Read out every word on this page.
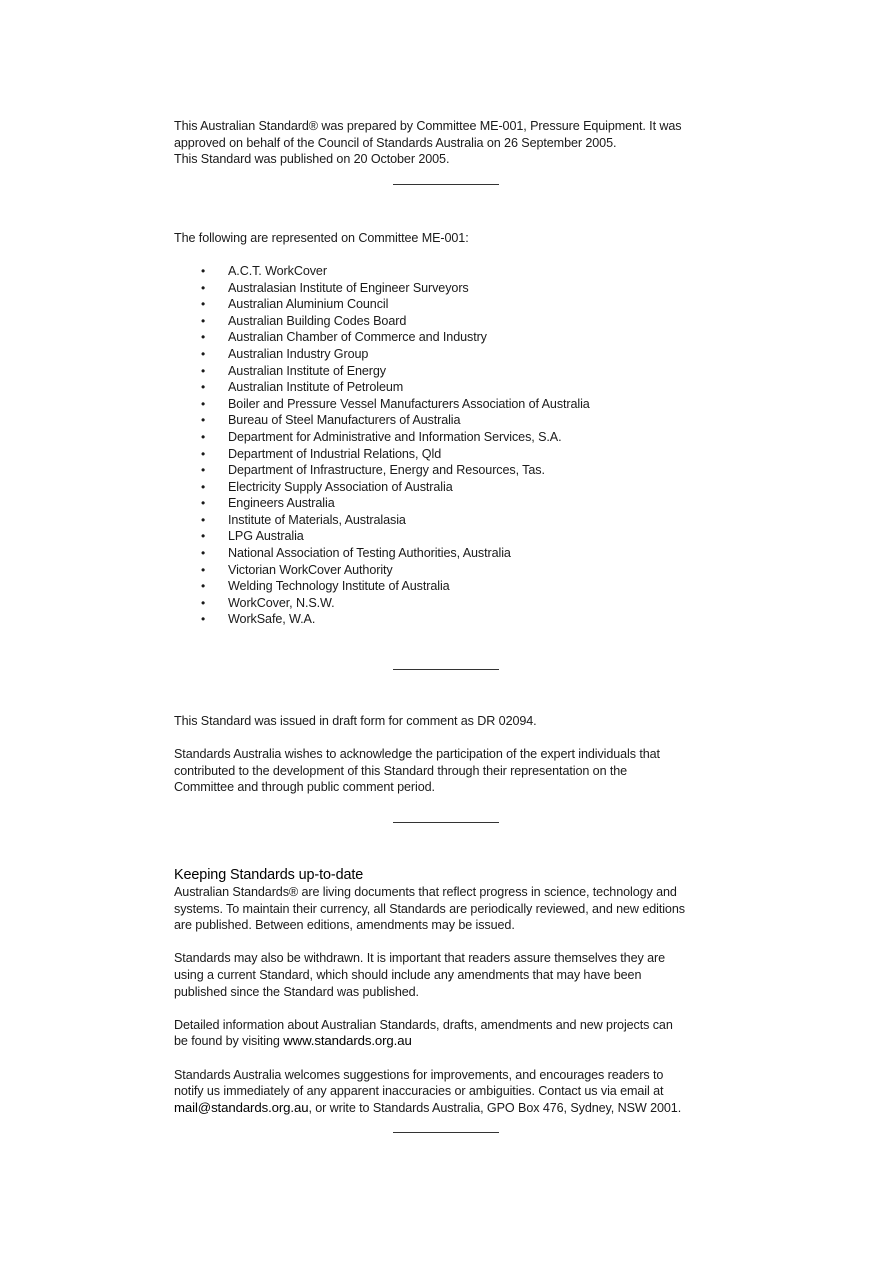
This Australian Standard® was prepared by Committee ME-001, Pressure Equipment. It was
approved on behalf of the Council of Standards Australia on 26 September 2005.
This Standard was published on 20 October 2005.

The following are represented on Committee ME-001:

• A.C.T. WorkCover
• Australasian Institute of Engineer Surveyors
• Australian Aluminium Council
• Australian Building Codes Board
• Australian Chamber of Commerce and Industry
• Australian Industry Group
• Australian Institute of Energy
• Australian Institute of Petroleum
• Boiler and Pressure Vessel Manufacturers Association of Australia
• Bureau of Steel Manufacturers of Australia
• Department for Administrative and Information Services, S.A.
• Department of Industrial Relations, Qld
• Department of Infrastructure, Energy and Resources, Tas.
• Electricity Supply Association of Australia
• Engineers Australia
• Institute of Materials, Australasia
• LPG Australia
• National Association of Testing Authorities, Australia
• Victorian WorkCover Authority
• Welding Technology Institute of Australia
• WorkCover, N.S.W.
• WorkSafe, W.A.

This Standard was issued in draft form for comment as DR 02094.

Standards Australia wishes to acknowledge the participation of the expert individuals that
contributed to the development of this Standard through their representation on the
Committee and through public comment period.

Keeping Standards up-to-date

Australian Standards® are living documents that reflect progress in science, technology and
systems. To maintain their currency, all Standards are periodically reviewed, and new editions
are published. Between editions, amendments may be issued.

Standards may also be withdrawn. It is important that readers assure themselves they are
using a current Standard, which should include any amendments that may have been
published since the Standard was published.

Detailed information about Australian Standards, drafts, amendments and new projects can
be found by visiting www.standards.org.au

Standards Australia welcomes suggestions for improvements, and encourages readers to
notify us immediately of any apparent inaccuracies or ambiguities. Contact us via email at
mail@standards.org.au, or write to Standards Australia, GPO Box 476, Sydney, NSW 2001.
